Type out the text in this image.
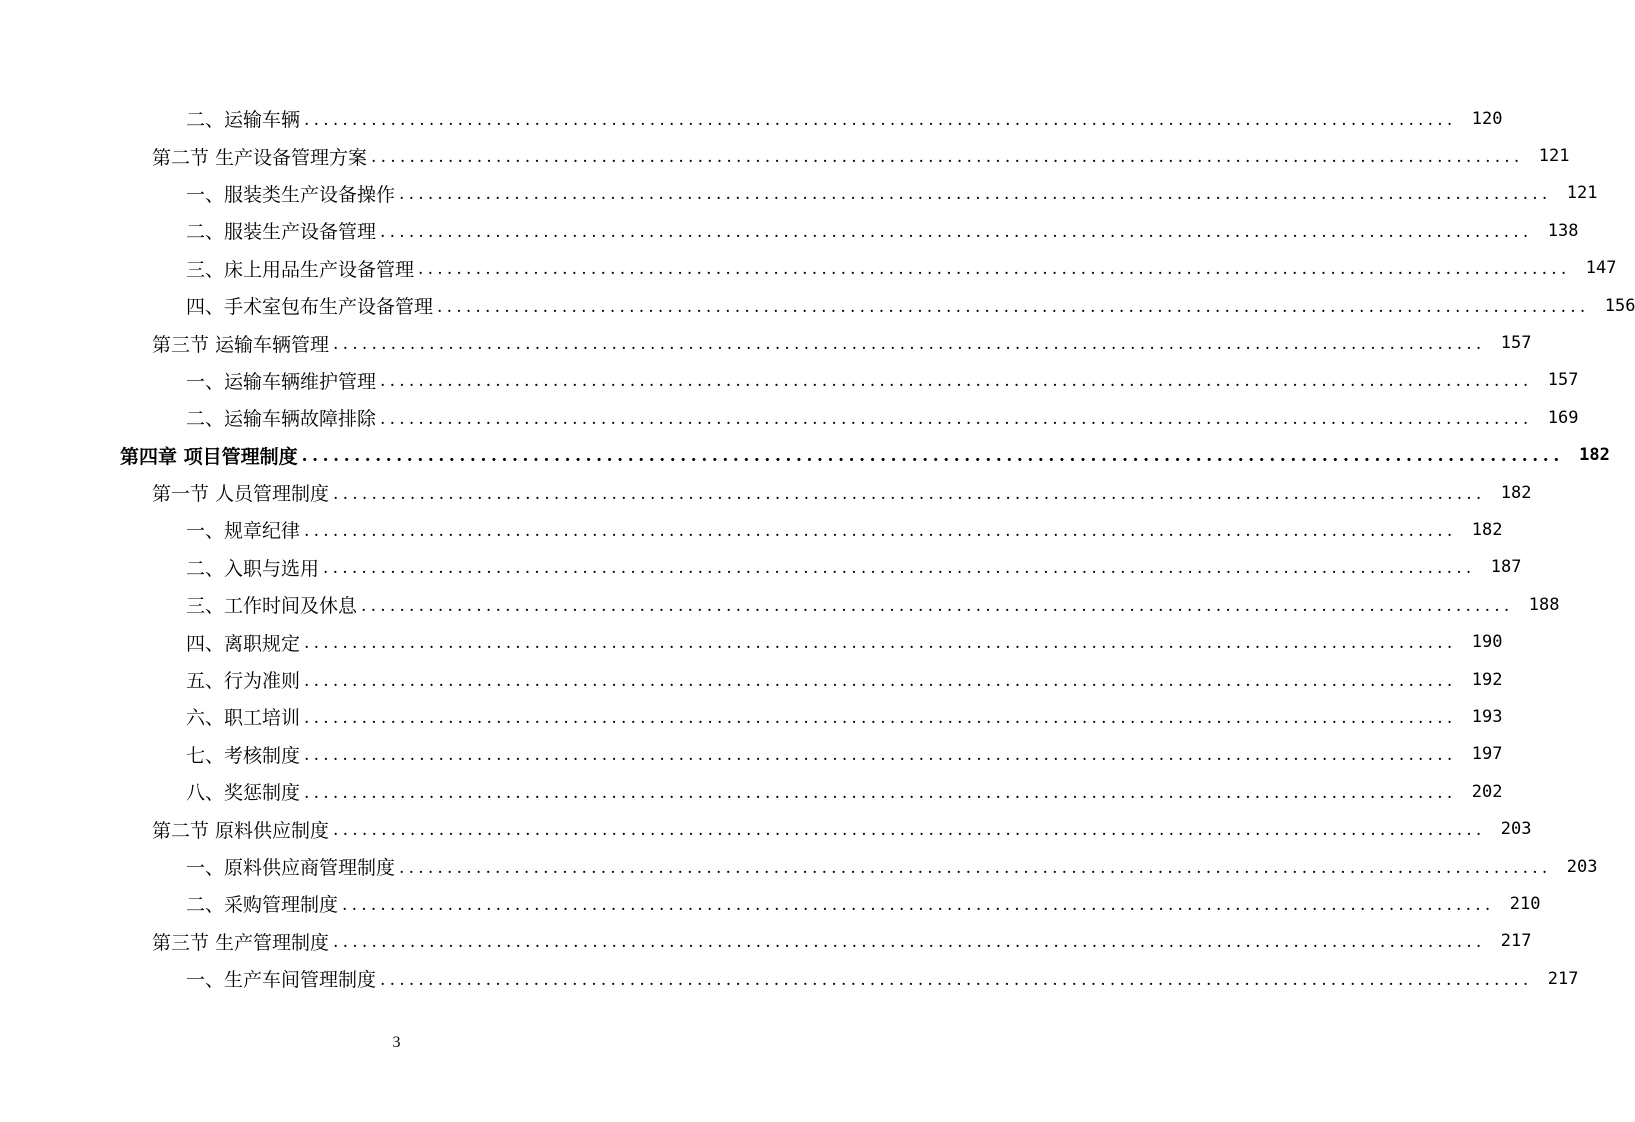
二、运输车辆 ........................................................................................................................ 120
第二节 生产设备管理方案 ........................................................................................................................ 121
一、服装类生产设备操作 ........................................................................................................................ 121
二、服装生产设备管理 ........................................................................................................................ 138
三、床上用品生产设备管理 ........................................................................................................................ 147
四、手术室包布生产设备管理 ........................................................................................................................ 156
第三节 运输车辆管理 ........................................................................................................................ 157
一、运输车辆维护管理 ........................................................................................................................ 157
二、运输车辆故障排除 ........................................................................................................................ 169
第四章 项目管理制度 ........................................................................................................................ 182
第一节 人员管理制度 ........................................................................................................................ 182
一、规章纪律 ........................................................................................................................ 182
二、入职与选用 ........................................................................................................................ 187
三、工作时间及休息 ........................................................................................................................ 188
四、离职规定 ........................................................................................................................ 190
五、行为准则 ........................................................................................................................ 192
六、职工培训 ........................................................................................................................ 193
七、考核制度 ........................................................................................................................ 197
八、奖惩制度 ........................................................................................................................ 202
第二节 原料供应制度 ........................................................................................................................ 203
一、原料供应商管理制度 ........................................................................................................................ 203
二、采购管理制度 ........................................................................................................................ 210
第三节 生产管理制度 ........................................................................................................................ 217
一、生产车间管理制度 ........................................................................................................................ 217
3
